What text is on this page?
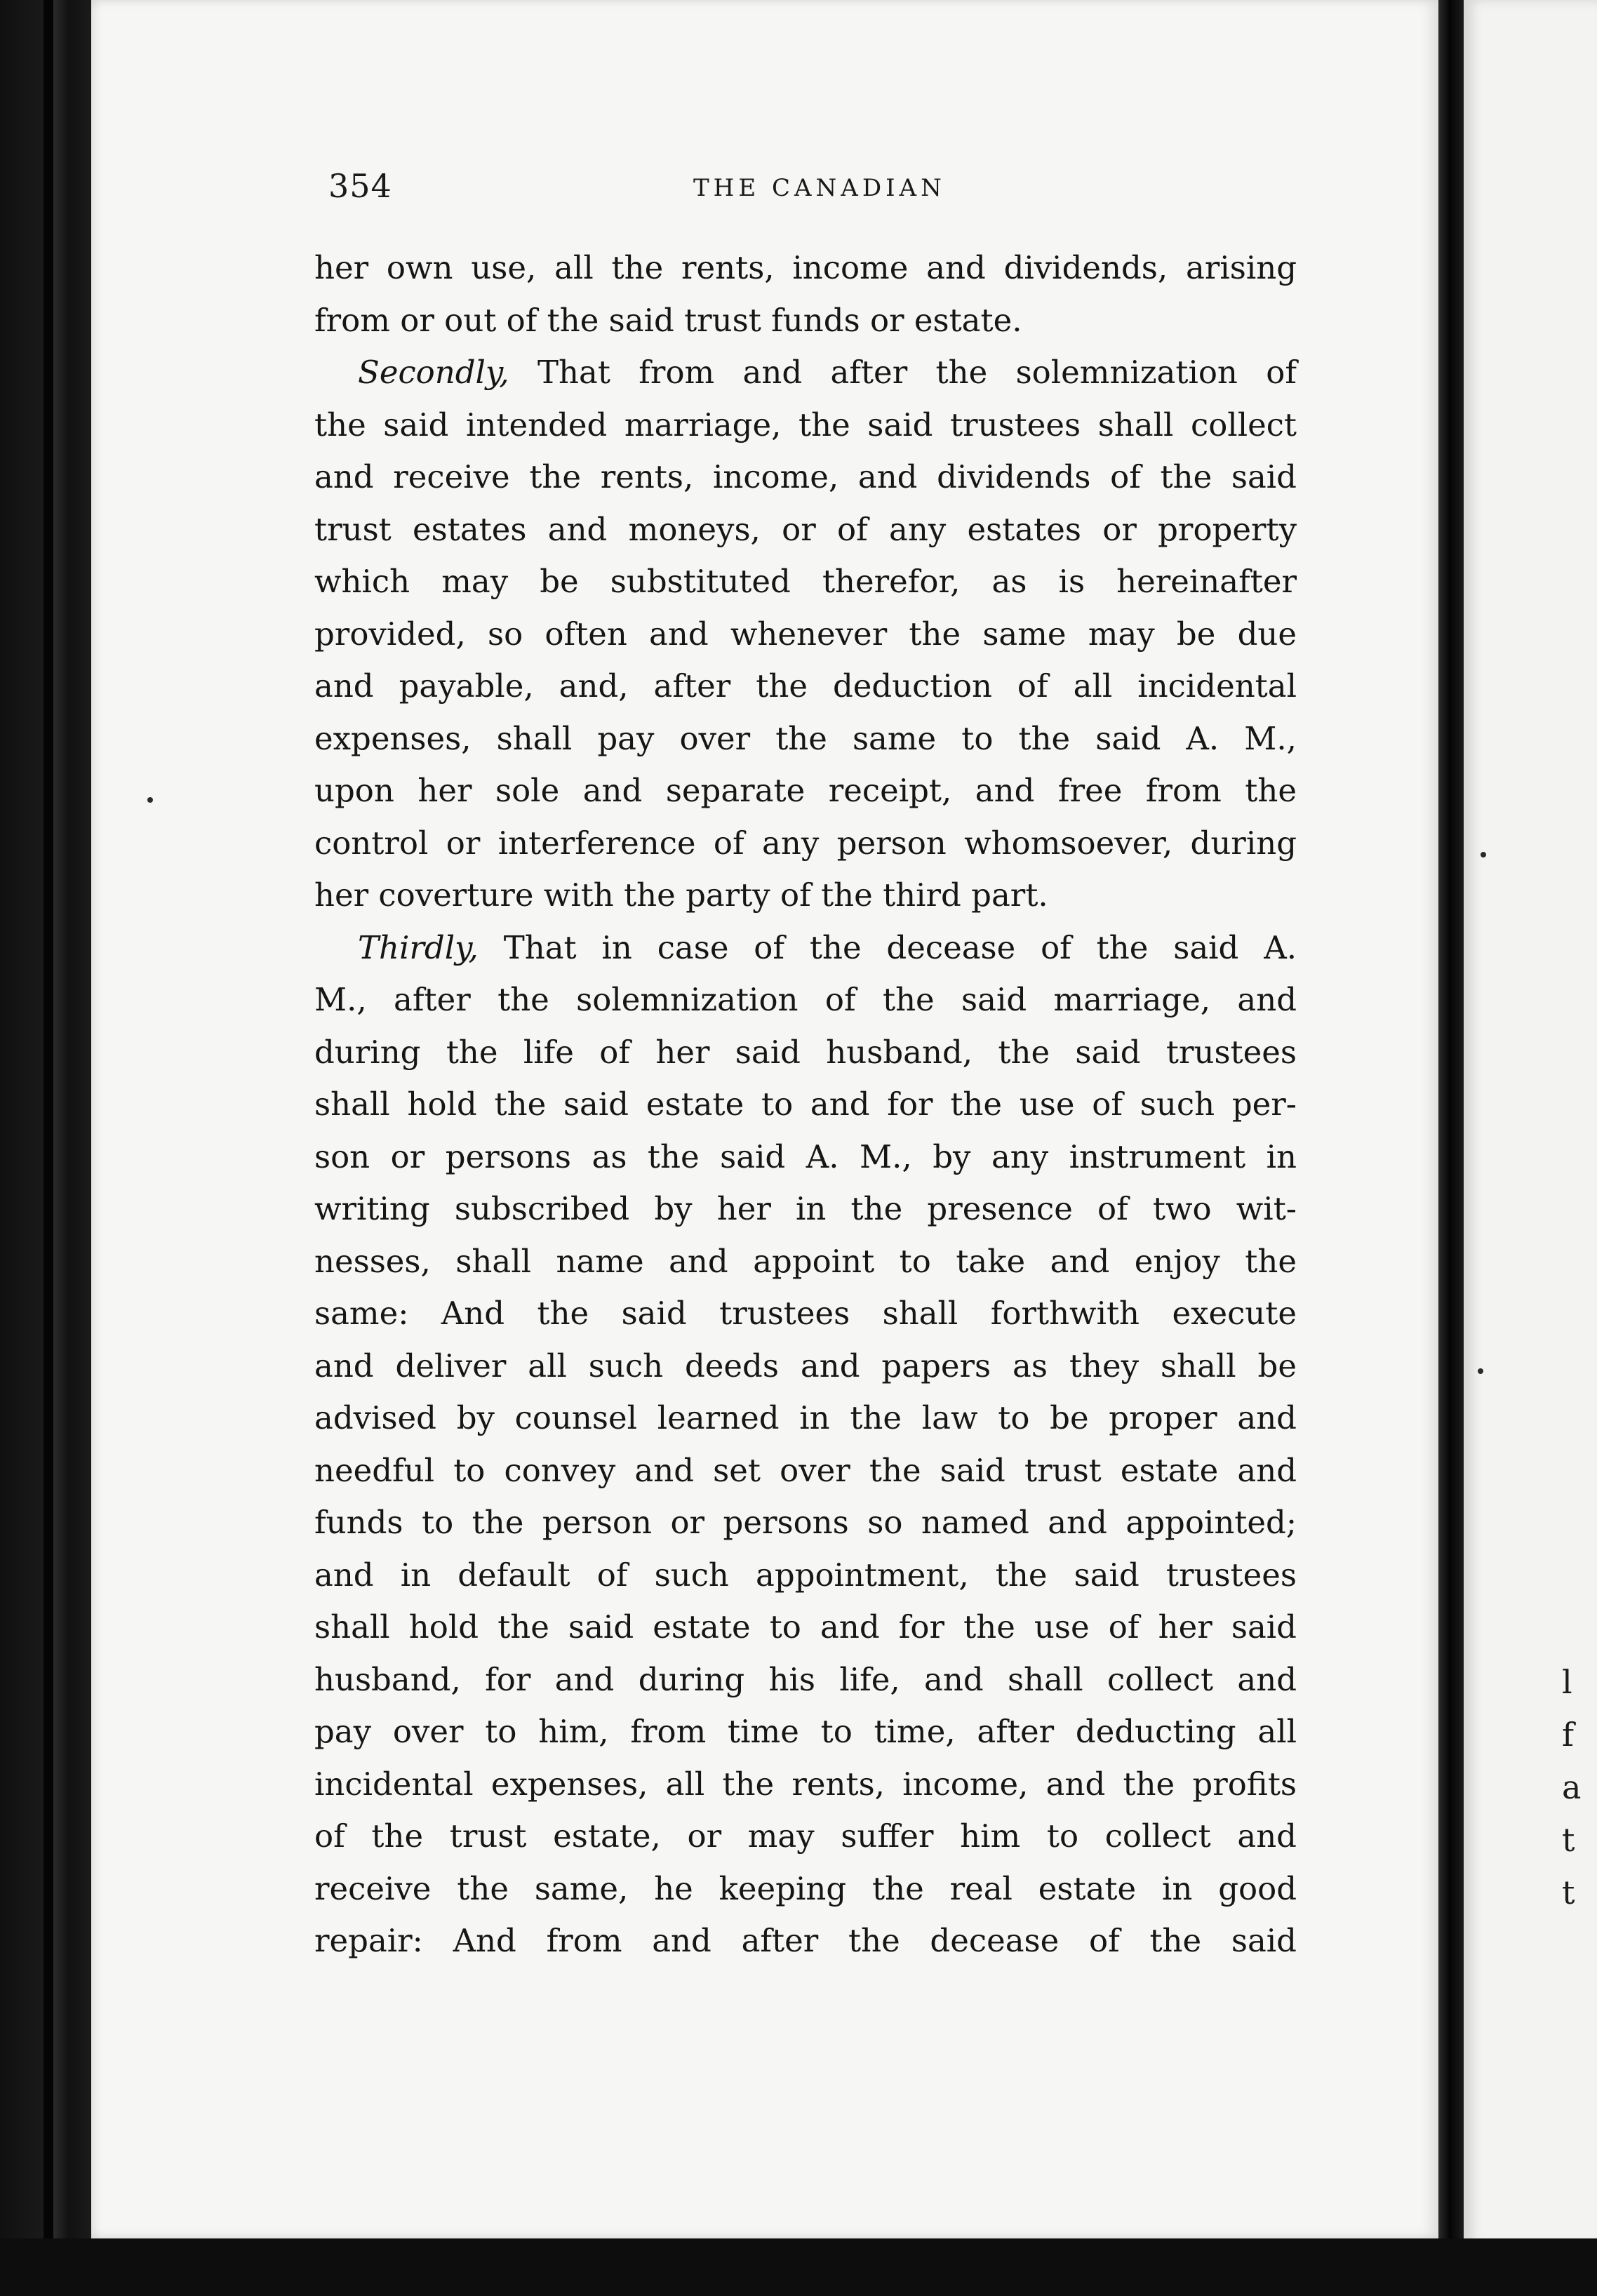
l
f
a
t
t
354	THE CANADIAN
her own use, all the rents, income and dividends, arising
from or out of the said trust funds or estate.
Secondly, That from and after the solemnization of
the said intended marriage, the said trustees shall collect
and receive the rents, income, and dividends of the said
trust estates and moneys, or of any estates or property
which may be substituted therefor, as is hereinafter
provided, so often and whenever the same may be due
and payable, and, after the deduction of all incidental
expenses, shall pay over the same to the said A. M.,
upon her sole and separate receipt, and free from the
control or interference of any person whomsoever, during
her coverture with the party of the third part.
Thirdly, That in case of the decease of the said A.
M., after the solemnization of the said marriage, and
during the life of her said husband, the said trustees
shall hold the said estate to and for the use of such per-
son or persons as the said A. M., by any instrument in
writing subscribed by her in the presence of two wit-
nesses, shall name and appoint to take and enjoy the
same: And the said trustees shall forthwith execute
and deliver all such deeds and papers as they shall be
advised by counsel learned in the law to be proper and
needful to convey and set over the said trust estate and
funds to the person or persons so named and appointed;
and in default of such appointment, the said trustees
shall hold the said estate to and for the use of her said
husband, for and during his life, and shall collect and
pay over to him, from time to time, after deducting all
incidental expenses, all the rents, income, and the profits
of the trust estate, or may suffer him to collect and
receive the same, he keeping the real estate in good
repair: And from and after the decease of the said
